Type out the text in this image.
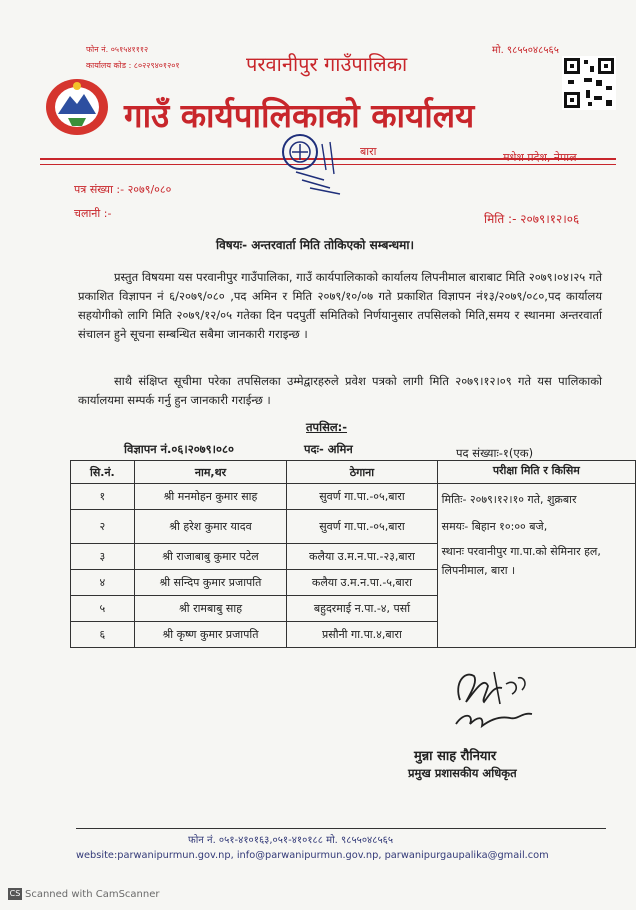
फोन नं. ०५१५४१११२
कार्यालय कोड : ८०२२९४०१२०१
मो. ९८५५०४८५६५
परवानीपुर गाउँपालिका
गाउँ कार्यपालिकाको कार्यालय
बारा	मधेश प्रदेश, नेपाल
पत्र संख्या :- २०७९/०८०
चलानी :-	मिति :- २०७९।१२।०६
विषयः- अन्तरवार्ता मिति तोकिएको सम्बन्धमा।
प्रस्तुत विषयमा यस परवानीपुर गाउँपालिका, गाउँ कार्यपालिकाको कार्यालय लिपनीमाल बाराबाट मिति २०७९।०४।२५ गते प्रकाशित विज्ञापन नं ६/२०७९/०८० ,पद अमिन र मिति २०७९/१०/०७ गते प्रकाशित विज्ञापन नं१३/२०७९/०८०,पद कार्यालय सहयोगीको लागि मिति २०७९/१२/०५ गतेका दिन पदपुर्ती समितिको निर्णयानुसार तपसिलको मिति,समय र स्थानमा अन्तरवार्ता संचालन हुने सूचना सम्बन्धित सबैमा जानकारी गराइन्छ ।
साथै संक्षिप्त सूचीमा परेका तपसिलका उम्मेद्वारहरुले प्रवेश पत्रको लागी मिति २०७९।१२।०९ गते यस पालिकाको कार्यालयमा सम्पर्क गर्नु हुन जानकारी गराईन्छ ।
तपसिल:-
विज्ञापन नं.०६।२०७९।०८०	पदः- अमिन	पद संख्याः-१(एक)
सि.नं.	नाम,थर	ठेगाना	परीक्षा मिति र किसिम
१	श्री मनमोहन कुमार साह	सुवर्ण गा.पा.-०५,बारा	मितिः- २०७९।१२।१० गते, शुक्रबार
समयः- बिहान १०:०० बजे,
स्थानः परवानीपुर गा.पा.को सेमिनार हल, लिपनीमाल, बारा ।

२	श्री हरेश कुमार यादव	सुवर्ण गा.पा.-०५,बारा	
३	श्री राजाबाबु कुमार पटेल	कलैया उ.म.न.पा.-२३,बारा	
४	श्री सन्दिप कुमार प्रजापति	कलैया उ.म.न.पा.-५,बारा	
५	श्री रामबाबु साह	बहुदरमाई न.पा.-४, पर्सा	
६	श्री कृष्ण कुमार प्रजापति	प्रसौनी गा.पा.४,बारा	
मुन्ना साह रौनियार
प्रमुख प्रशासकीय अधिकृत
फोन नं. ०५१-४१०१६३,०५१-४१०१८८ मो. ९८५५०४८५६५
website:parwanipurmun.gov.np, info@parwanipurmun.gov.np, parwanipurgaupalika@gmail.com
CS Scanned with CamScanner
